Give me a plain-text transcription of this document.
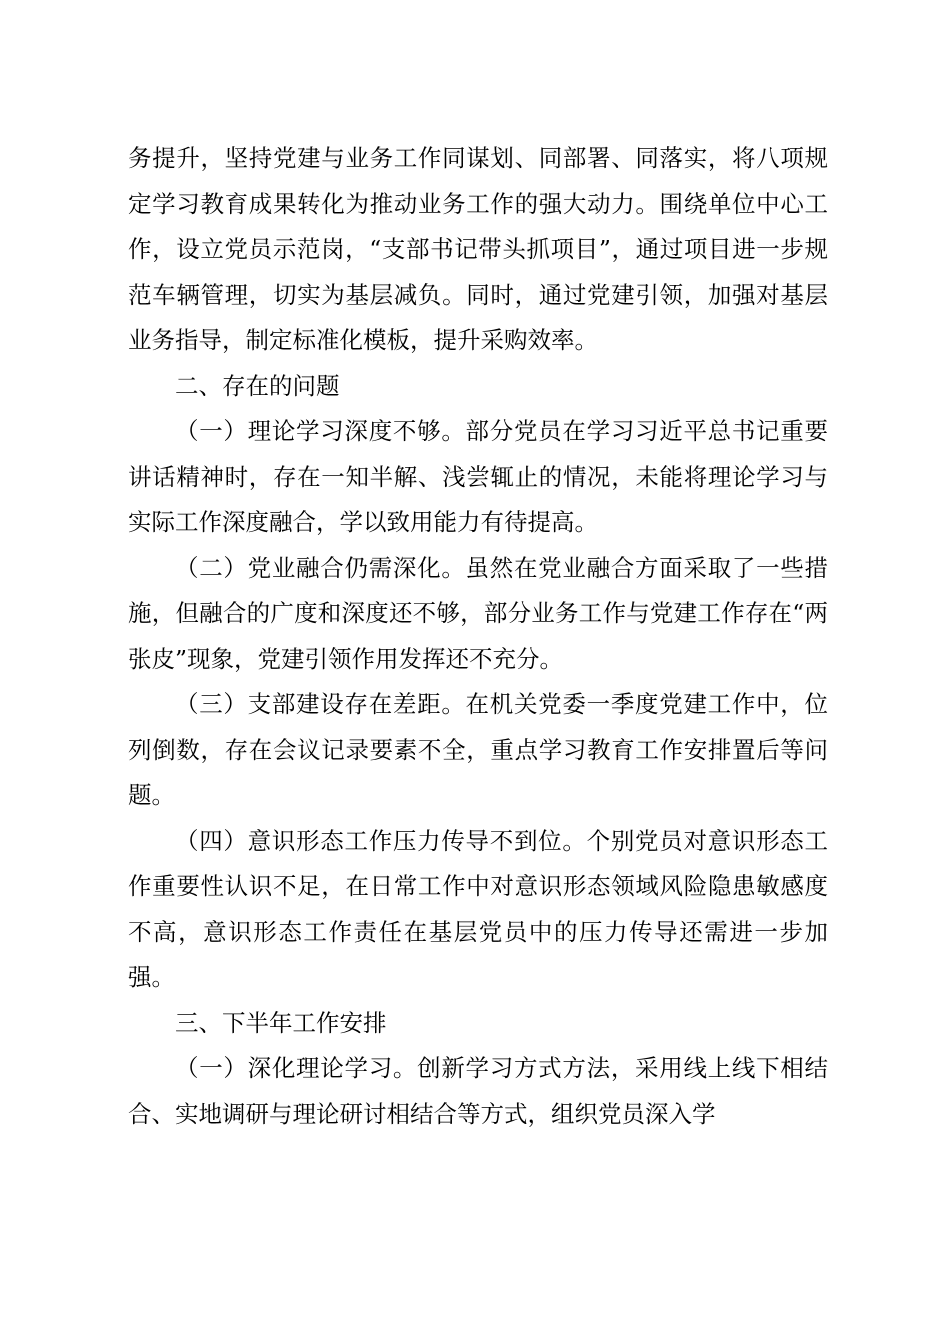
务提升，坚持党建与业务工作同谋划、同部署、同落实，将八项规定学习教育成果转化为推动业务工作的强大动力。围绕单位中心工作，设立党员示范岗，“支部书记带头抓项目”，通过项目进一步规范车辆管理，切实为基层减负。同时，通过党建引领，加强对基层业务指导，制定标准化模板，提升采购效率。

二、存在的问题

（一）理论学习深度不够。部分党员在学习习近平总书记重要讲话精神时，存在一知半解、浅尝辄止的情况，未能将理论学习与实际工作深度融合，学以致用能力有待提高。

（二）党业融合仍需深化。虽然在党业融合方面采取了一些措施，但融合的广度和深度还不够，部分业务工作与党建工作存在“两张皮”现象，党建引领作用发挥还不充分。

（三）支部建设存在差距。在机关党委一季度党建工作中，位列倒数，存在会议记录要素不全，重点学习教育工作安排置后等问题。

（四）意识形态工作压力传导不到位。个别党员对意识形态工作重要性认识不足，在日常工作中对意识形态领域风险隐患敏感度不高，意识形态工作责任在基层党员中的压力传导还需进一步加强。

三、下半年工作安排

（一）深化理论学习。创新学习方式方法，采用线上线下相结合、实地调研与理论研讨相结合等方式，组织党员深入学
